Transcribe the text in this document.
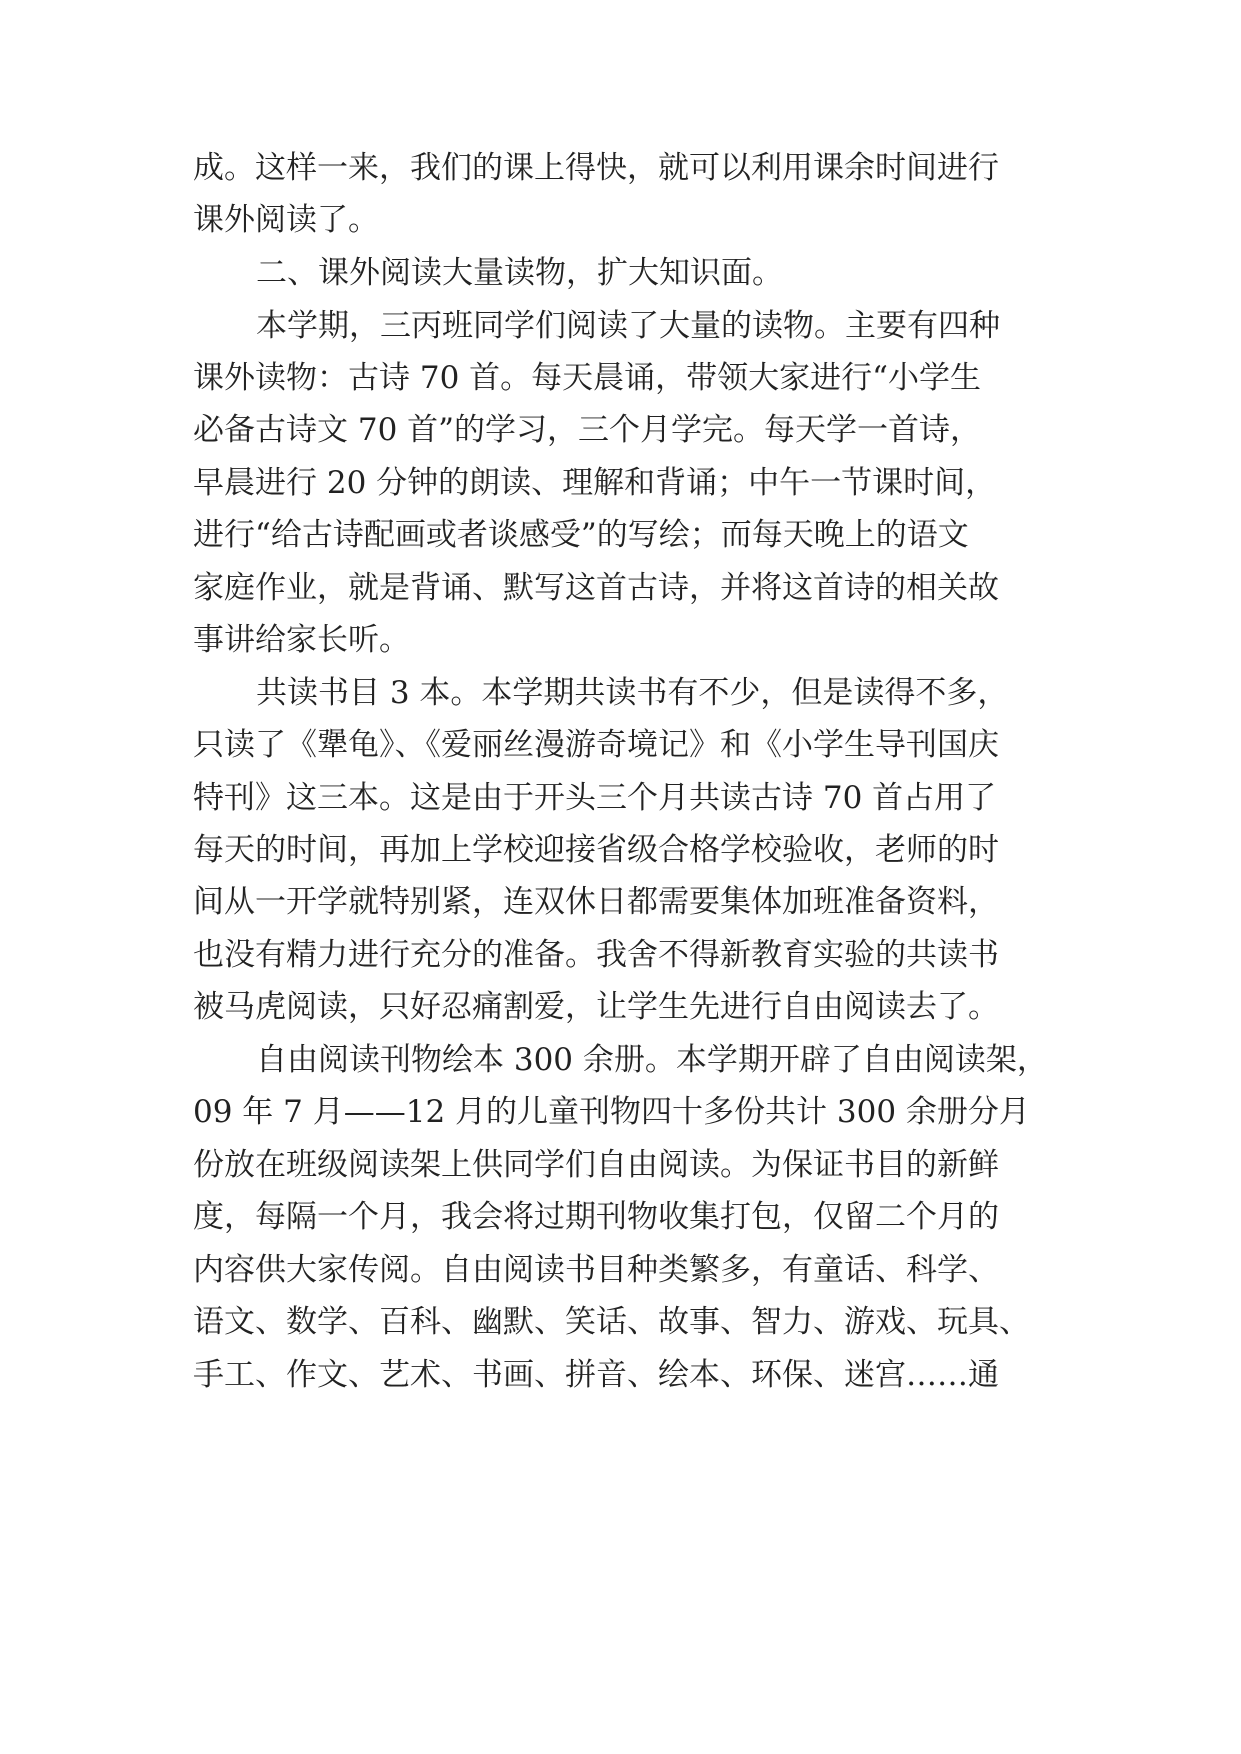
成。这样一来，我们的课上得快，就可以利用课余时间进行

课外阅读了。

二、课外阅读大量读物，扩大知识面。

本学期，三丙班同学们阅读了大量的读物。主要有四种

课外读物：古诗 70 首。每天晨诵，带领大家进行“小学生

必备古诗文 70 首”的学习，三个月学完。每天学一首诗，

早晨进行 20 分钟的朗读、理解和背诵；中午一节课时间，

进行“给古诗配画或者谈感受”的写绘；而每天晚上的语文

家庭作业，就是背诵、默写这首古诗，并将这首诗的相关故

事讲给家长听。

共读书目 3 本。本学期共读书有不少，但是读得不多，

只读了《犟龟》、《爱丽丝漫游奇境记》和《小学生导刊国庆

特刊》这三本。这是由于开头三个月共读古诗 70 首占用了

每天的时间，再加上学校迎接省级合格学校验收，老师的时

间从一开学就特别紧，连双休日都需要集体加班准备资料，

也没有精力进行充分的准备。我舍不得新教育实验的共读书

被马虎阅读，只好忍痛割爱，让学生先进行自由阅读去了。

自由阅读刊物绘本 300 余册。本学期开辟了自由阅读架，

09 年 7 月——12 月的儿童刊物四十多份共计 300 余册分月

份放在班级阅读架上供同学们自由阅读。为保证书目的新鲜

度，每隔一个月，我会将过期刊物收集打包，仅留二个月的

内容供大家传阅。自由阅读书目种类繁多，有童话、科学、

语文、数学、百科、幽默、笑话、故事、智力、游戏、玩具、

手工、作文、艺术、书画、拼音、绘本、环保、迷宫……通
